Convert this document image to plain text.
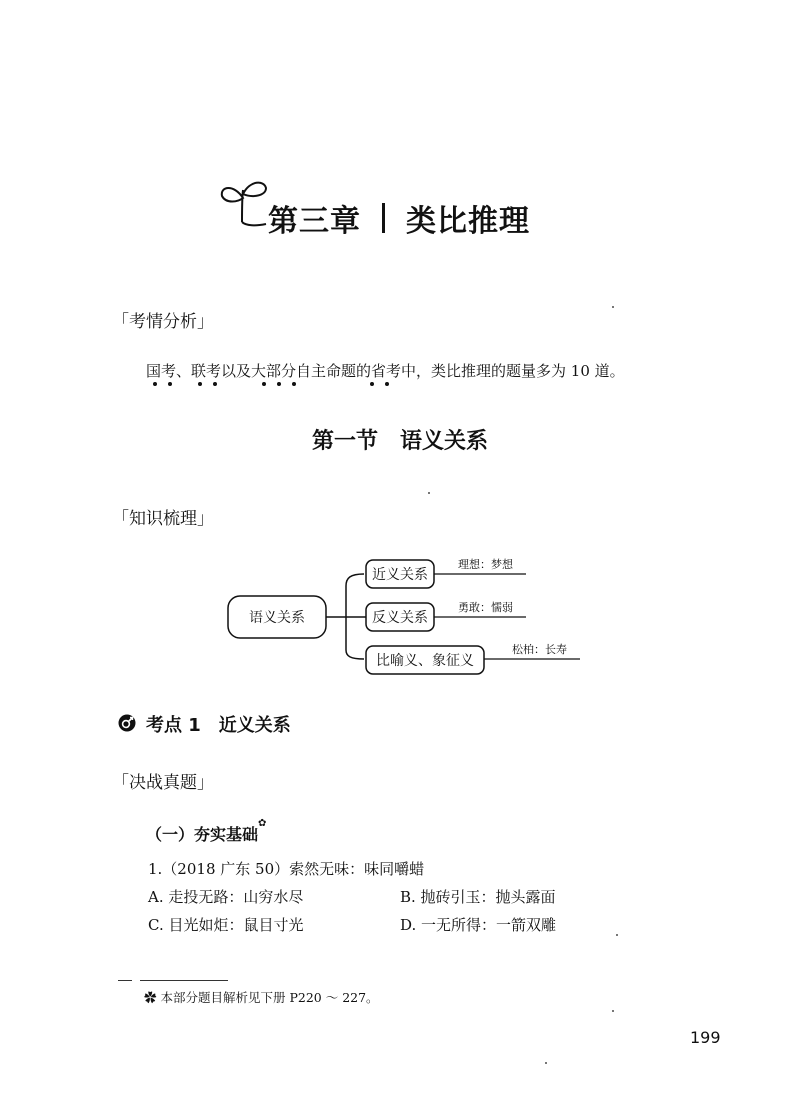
第三章 类比推理
「考情分析」
国考、联考以及大部分自主命题的省考中，类比推理的题量多为 10 道。
第一节　语义关系
「知识梳理」
语义关系
近义关系
理想：梦想
反义关系
勇敢：懦弱
比喻义、象征义
松柏：长寿
考点 1　近义关系
「决战真题」
（一）夯实基础
✿
1.（2018 广东 50）索然无味：味同嚼蜡
A. 走投无路：山穷水尽	B. 抛砖引玉：抛头露面
C. 目光如炬：鼠目寸光	D. 一无所得：一箭双雕
✿ 本部分题目解析见下册 P220 ～ 227。
199
